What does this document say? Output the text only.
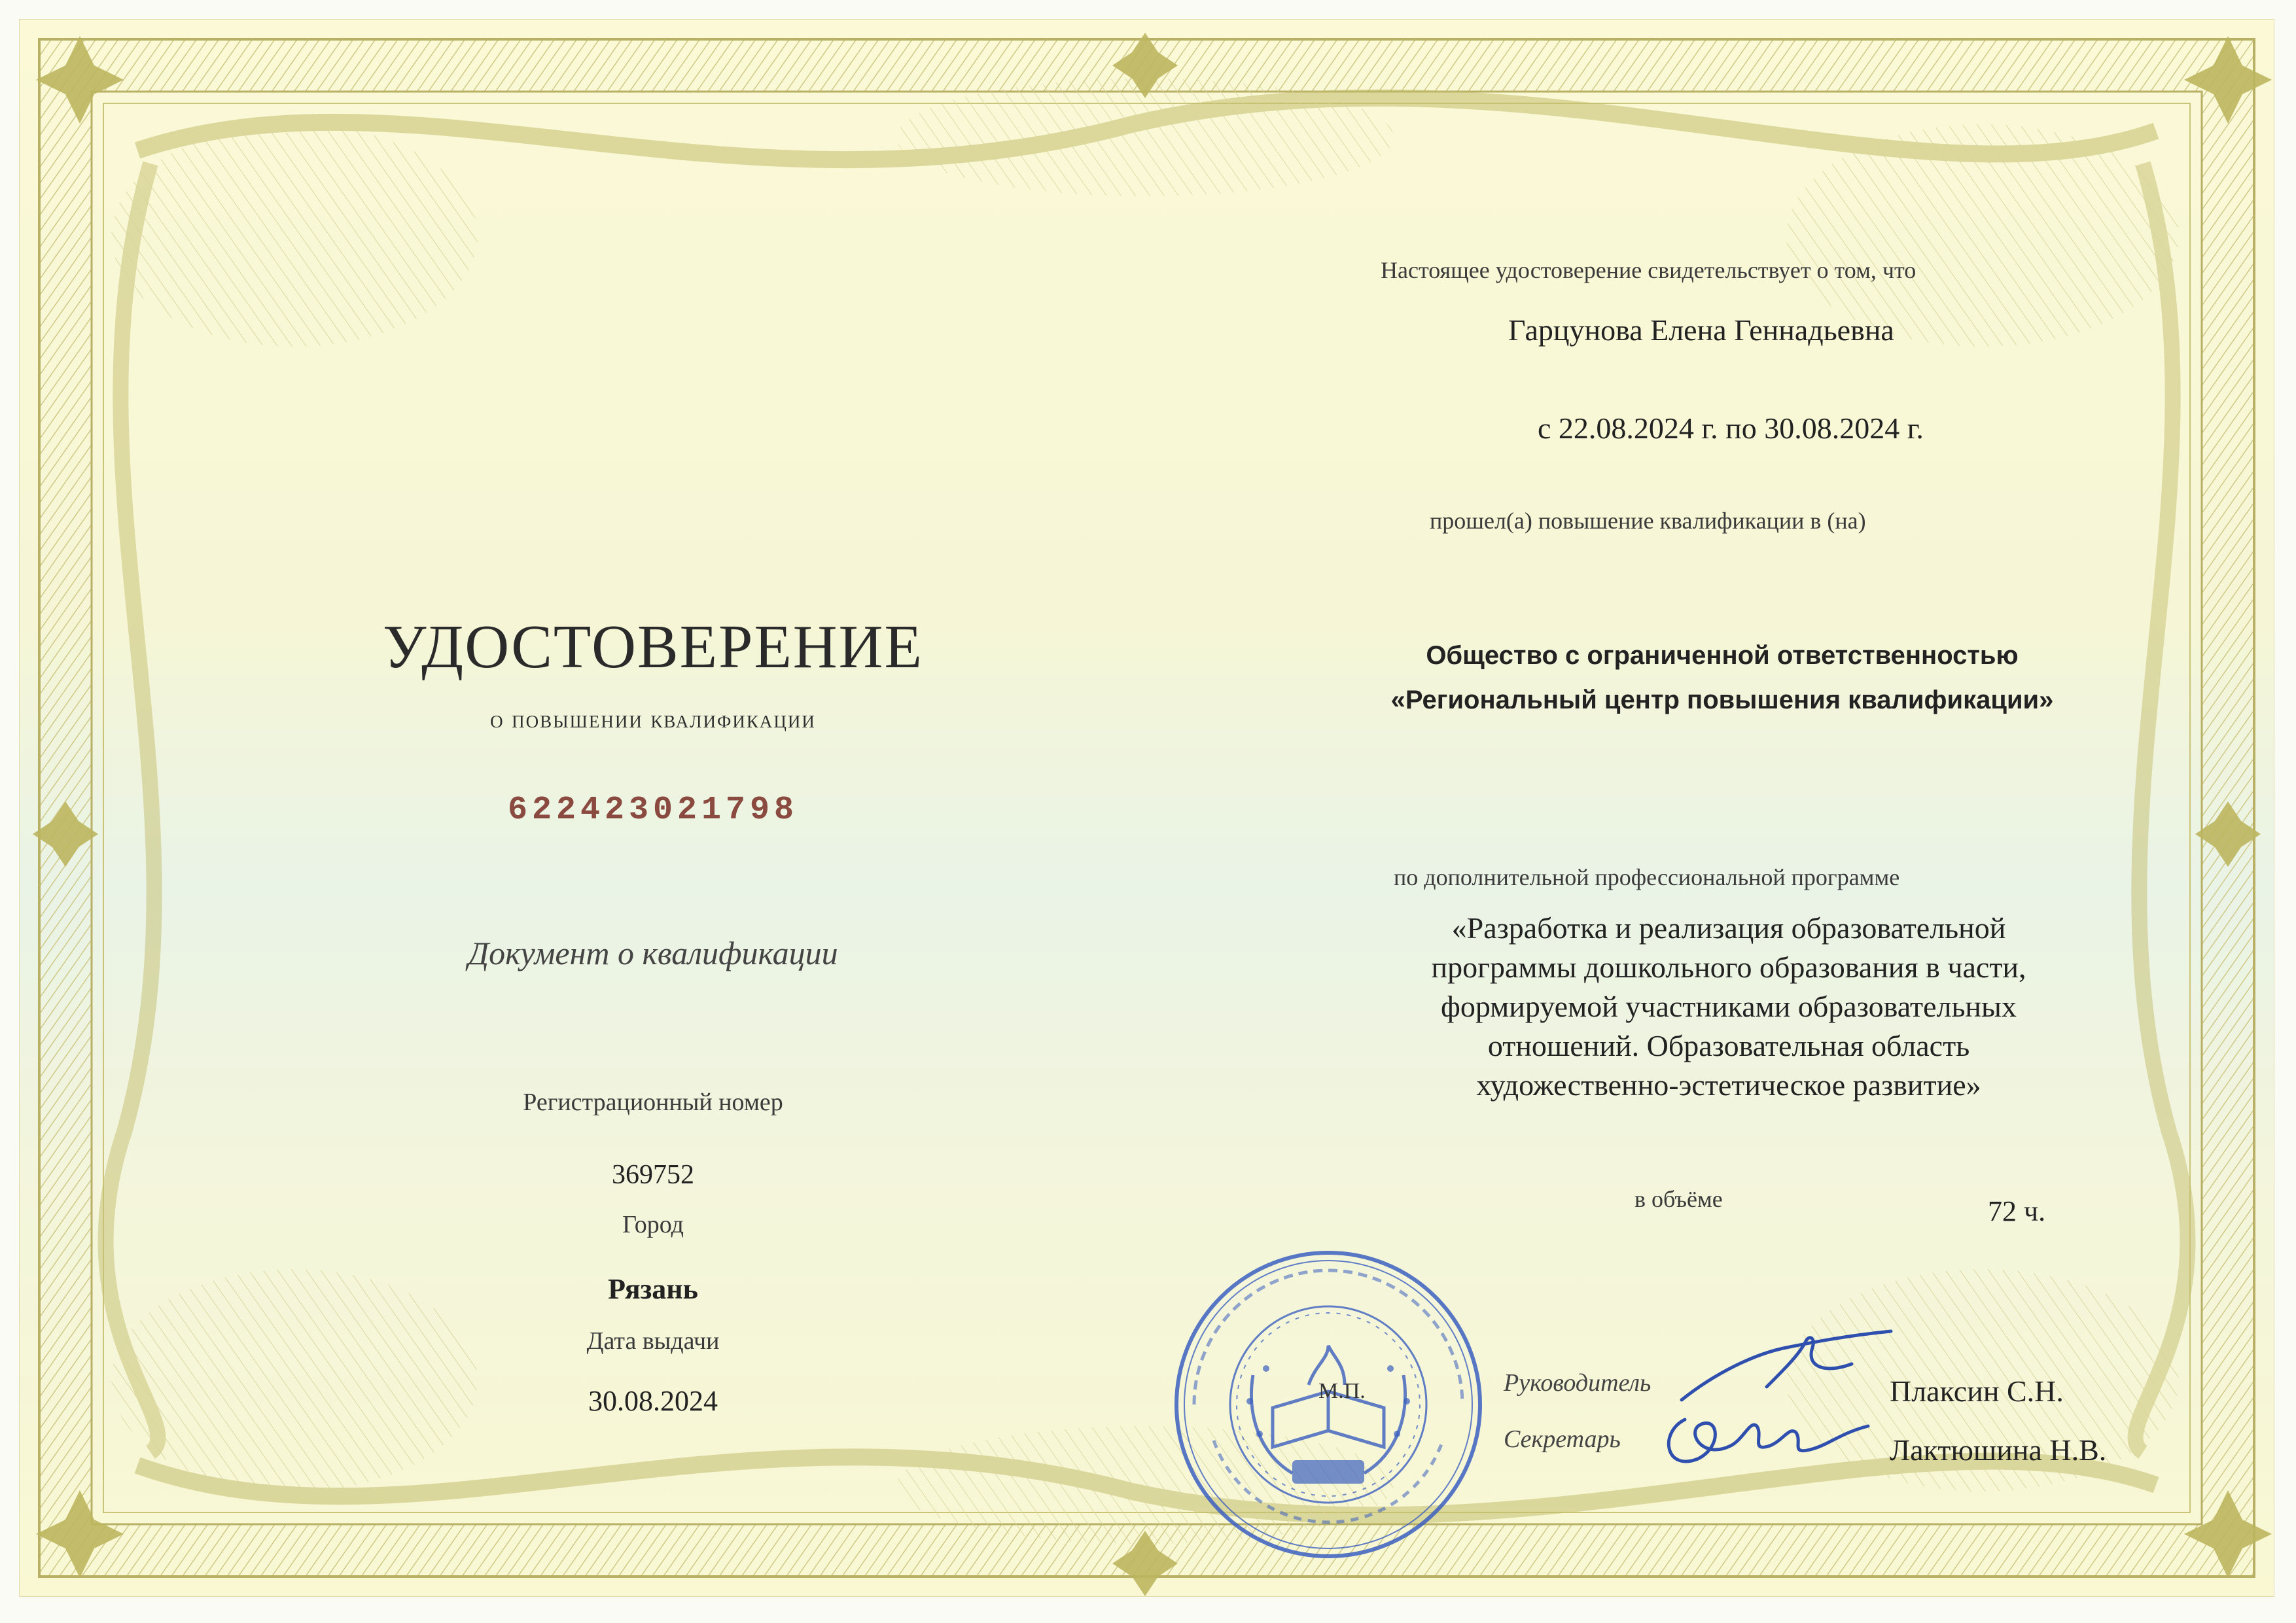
УДОСТОВЕРЕНИЕ
о повышении квалификации
622423021798
Документ о квалификации
Регистрационный номер
369752
Город
Рязань
Дата выдачи
30.08.2024
Настоящее удостоверение свидетельствует о том, что
Гарцунова Елена Геннадьевна
с 22.08.2024 г. по 30.08.2024 г.
прошел(а) повышение квалификации в (на)
Общество с ограниченной ответственностью
«Региональный центр повышения квалификации»
по дополнительной профессиональной программе
«Разработка и реализация образовательной
программы дошкольного образования в части,
формируемой участниками образовательных
отношений. Образовательная область
художественно-эстетическое развитие»
в объёме	72 ч.
М.П.	Руководитель
Секретарь
Плаксин С.Н.
Лактюшина Н.В.
